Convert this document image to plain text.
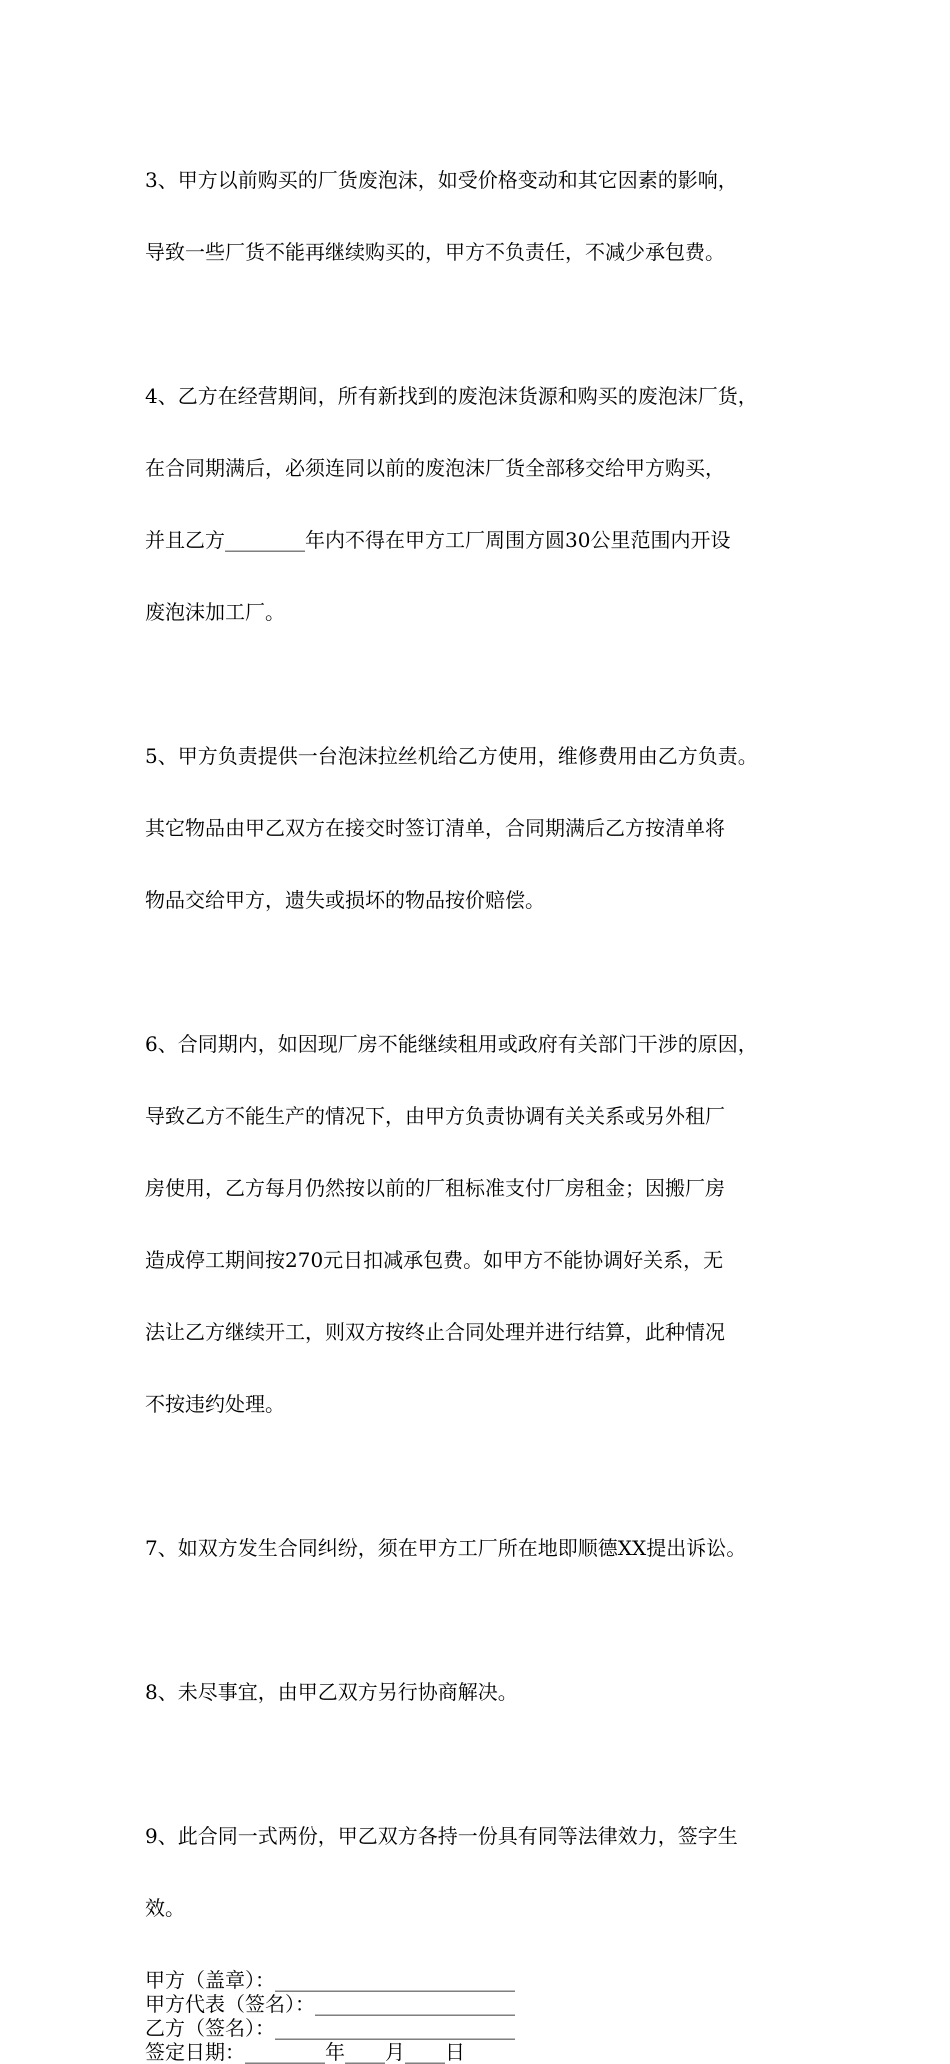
3、甲方以前购买的厂货废泡沫，如受价格变动和其它因素的影响，

导致一些厂货不能再继续购买的，甲方不负责任，不减少承包费。

4、乙方在经营期间，所有新找到的废泡沫货源和购买的废泡沫厂货，

在合同期满后，必须连同以前的废泡沫厂货全部移交给甲方购买，

并且乙方________年内不得在甲方工厂周围方圆30公里范围内开设

废泡沫加工厂。

5、甲方负责提供一台泡沫拉丝机给乙方使用，维修费用由乙方负责。

其它物品由甲乙双方在接交时签订清单，合同期满后乙方按清单将

物品交给甲方，遗失或损坏的物品按价赔偿。

6、合同期内，如因现厂房不能继续租用或政府有关部门干涉的原因，

导致乙方不能生产的情况下，由甲方负责协调有关关系或另外租厂

房使用，乙方每月仍然按以前的厂租标准支付厂房租金；因搬厂房

造成停工期间按270元日扣减承包费。如甲方不能协调好关系，无

法让乙方继续开工，则双方按终止合同处理并进行结算，此种情况

不按违约处理。

7、如双方发生合同纠纷，须在甲方工厂所在地即顺德XX提出诉讼。

8、未尽事宜，由甲乙双方另行协商解决。

9、此合同一式两份，甲乙双方各持一份具有同等法律效力，签字生

效。

甲方（盖章）：________________________
甲方代表（签名）：____________________
乙方（签名）：________________________
签定日期：________年____月____日
